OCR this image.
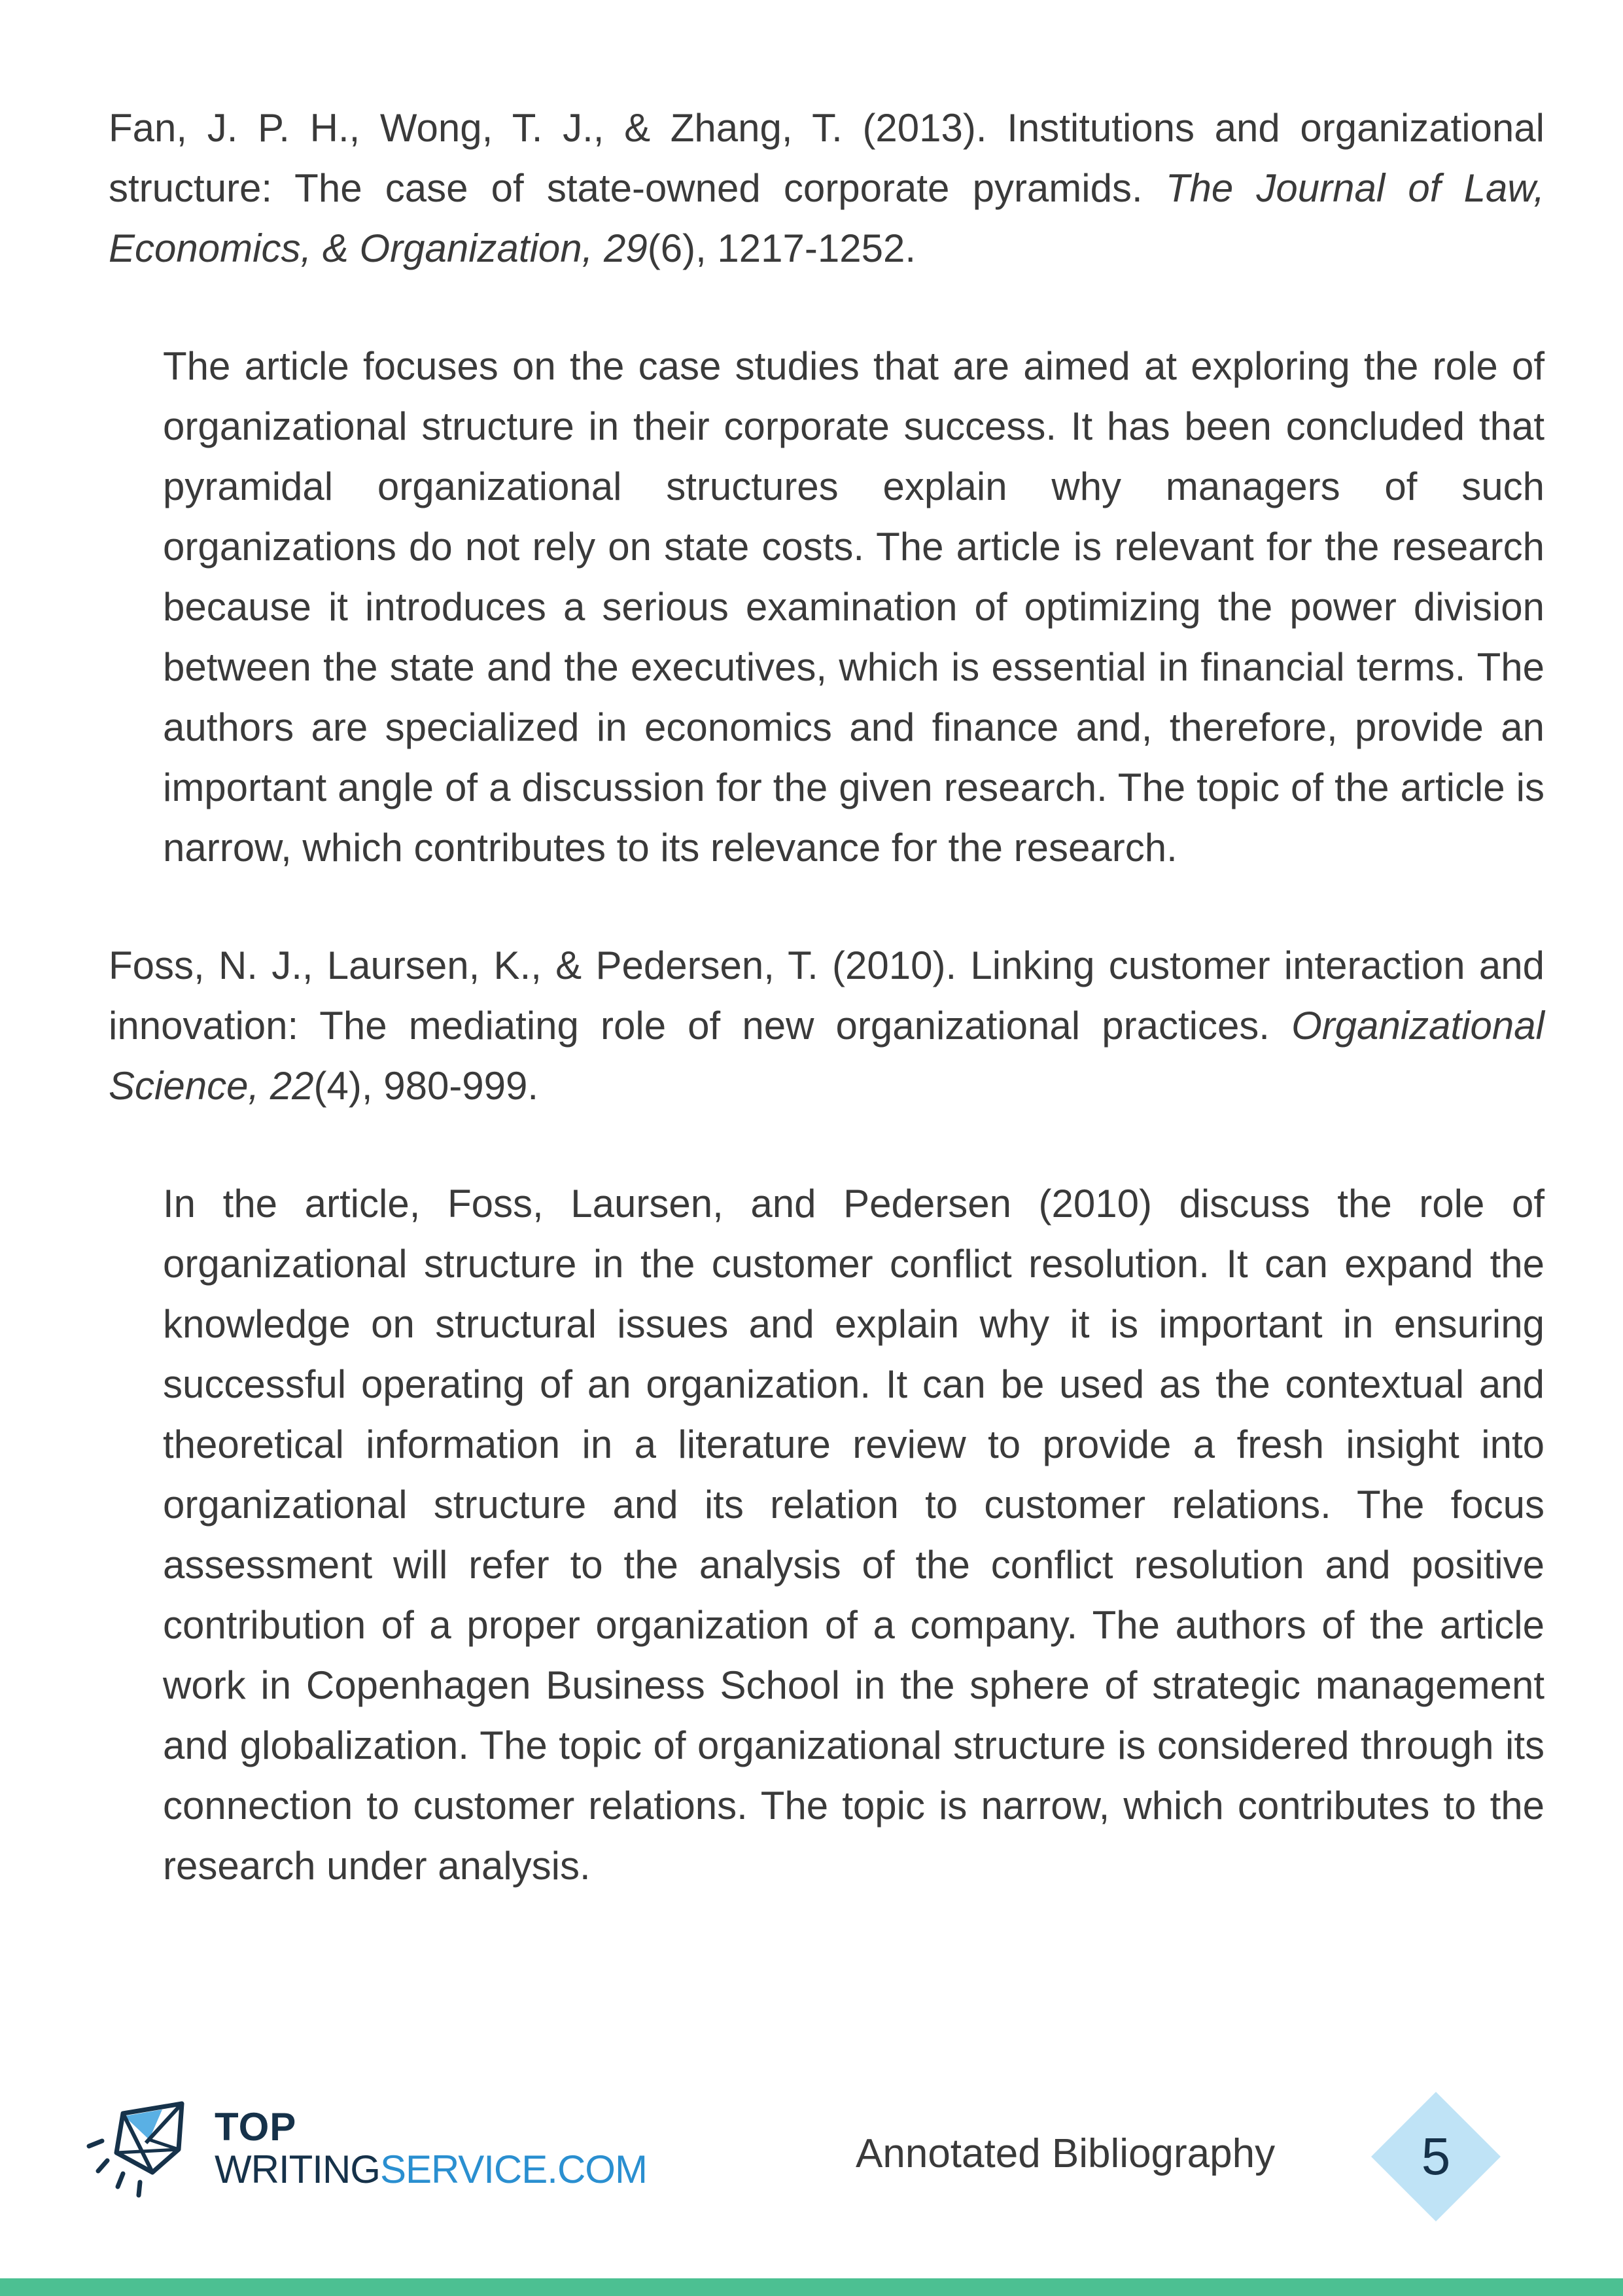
Fan, J. P. H., Wong, T. J., & Zhang, T. (2013). Institutions and organizational structure: The case of state-owned corporate pyramids. The Journal of Law, Economics, & Organization, 29(6), 1217-1252.

The article focuses on the case studies that are aimed at exploring the role of organizational structure in their corporate success. It has been concluded that pyramidal organizational structures explain why managers of such organizations do not rely on state costs. The article is relevant for the research because it introduces a serious examination of optimizing the power division between the state and the executives, which is essential in financial terms. The authors are specialized in economics and finance and, therefore, provide an important angle of a discussion for the given research. The topic of the article is narrow, which contributes to its relevance for the research.

Foss, N. J., Laursen, K., & Pedersen, T. (2010). Linking customer interaction and innovation: The mediating role of new organizational practices. Organizational Science, 22(4), 980-999.

In the article, Foss, Laursen, and Pedersen (2010) discuss the role of organizational structure in the customer conflict resolution. It can expand the knowledge on structural issues and explain why it is important in ensuring successful operating of an organization. It can be used as the contextual and theoretical information in a literature review to provide a fresh insight into organizational structure and its relation to customer relations. The focus assessment will refer to the analysis of the conflict resolution and positive contribution of a proper organization of a company. The authors of the article work in Copenhagen Business School in the sphere of strategic management and globalization. The topic of organizational structure is considered through its connection to customer relations. The topic is narrow, which contributes to the research under analysis.

TOP
WRITINGSERVICE.COM	Annotated Bibliography	5
